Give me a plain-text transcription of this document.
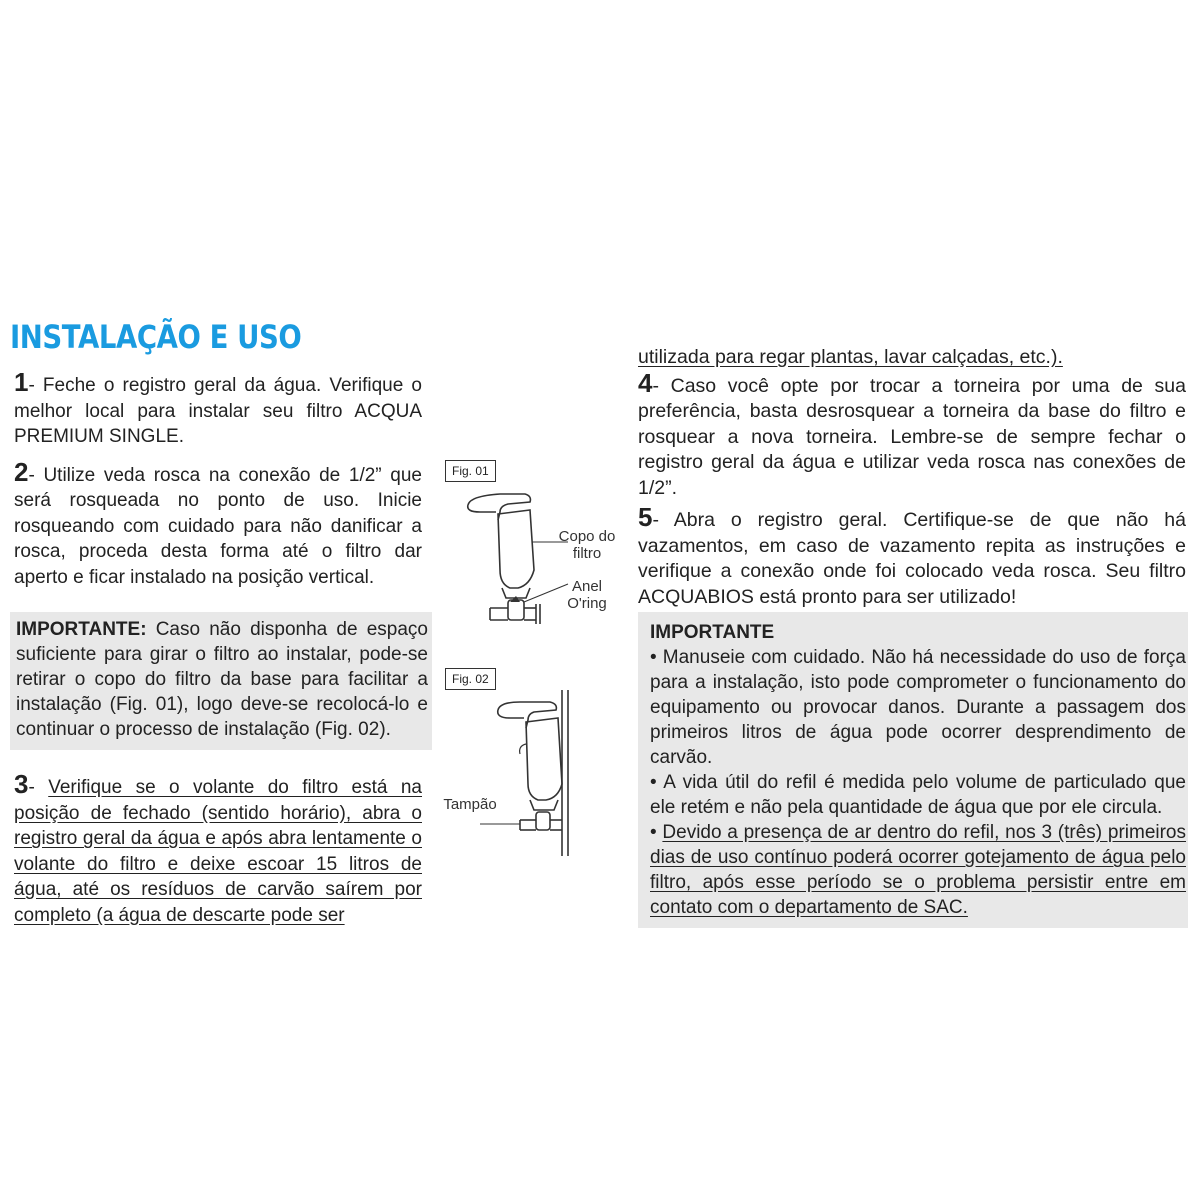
INSTALAÇÃO E USO

1- Feche o registro geral da água. Verifique o melhor local para instalar seu filtro ACQUA PREMIUM SINGLE.

2- Utilize veda rosca na conexão de 1/2” que será rosqueada no ponto de uso. Inicie rosqueando com cuidado para não danificar a rosca, proceda desta forma até o filtro dar aperto e ficar instalado na posição vertical.

IMPORTANTE: Caso não disponha de espaço suficiente para girar o filtro ao instalar, pode-se retirar o copo do filtro da base para facilitar a instalação (Fig. 01), logo deve-se recolocá-lo e continuar o processo de instalação (Fig. 02).

3- Verifique se o volante do filtro está na posição de fechado (sentido horário), abra o registro geral da água e após abra lentamente o volante do filtro e deixe escoar 15 litros de água, até os resíduos de carvão saírem por completo (a água de descarte pode ser

Fig. 01
Copo do filtro
Anel O'ring
Fig. 02
Tampão

utilizada para regar plantas, lavar calçadas, etc.).

4- Caso você opte por trocar a torneira por uma de sua preferência, basta desrosquear a torneira da base do filtro e rosquear a nova torneira. Lembre-se de sempre fechar o registro geral da água e utilizar veda rosca nas conexões de 1/2”.

5- Abra o registro geral. Certifique-se de que não há vazamentos, em caso de vazamento repita as instruções e verifique a conexão onde foi colocado veda rosca. Seu filtro ACQUABIOS está pronto para ser utilizado!

IMPORTANTE

• Manuseie com cuidado. Não há necessidade do uso de força para a instalação, isto pode comprometer o funcionamento do equipamento ou provocar danos. Durante a passagem dos primeiros litros de água pode ocorrer desprendimento de carvão.

• A vida útil do refil é medida pelo volume de particulado que ele retém e não pela quantidade de água que por ele circula.

• Devido a presença de ar dentro do refil, nos 3 (três) primeiros dias de uso contínuo poderá ocorrer gotejamento de água pelo filtro, após esse período se o problema persistir entre em contato com o departamento de SAC.
